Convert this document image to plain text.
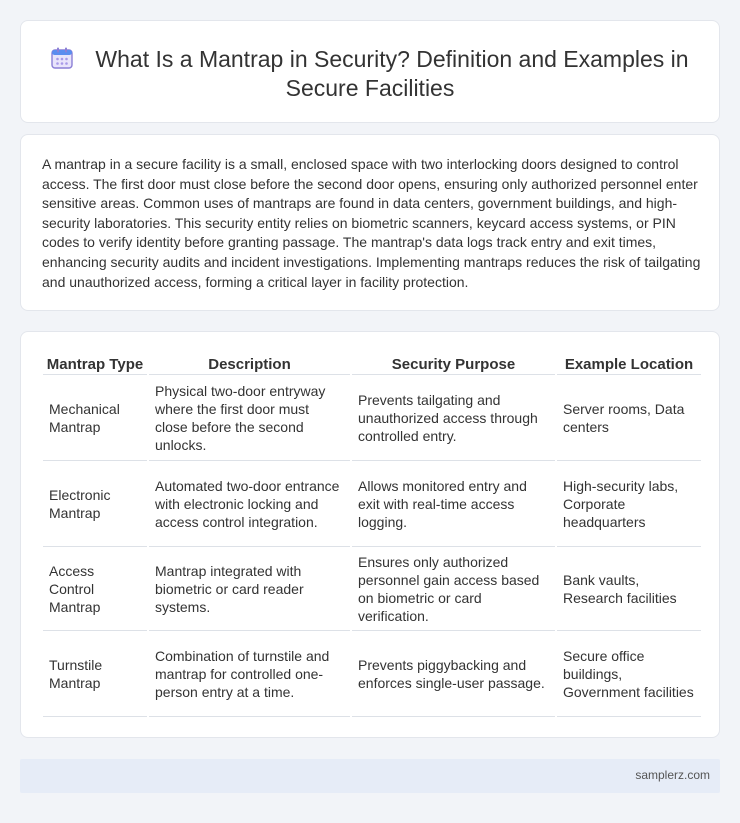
What Is a Mantrap in Security? Definition and Examples in Secure Facilities

A mantrap in a secure facility is a small, enclosed space with two interlocking doors designed to control access. The first door must close before the second door opens, ensuring only authorized personnel enter sensitive areas. Common uses of mantraps are found in data centers, government buildings, and high-security laboratories. This security entity relies on biometric scanners, keycard access systems, or PIN codes to verify identity before granting passage. The mantrap's data logs track entry and exit times, enhancing security audits and incident investigations. Implementing mantraps reduces the risk of tailgating and unauthorized access, forming a critical layer in facility protection.

Mantrap Type	Description	Security Purpose	Example Location
Mechanical Mantrap	Physical two-door entryway where the first door must close before the second unlocks.	Prevents tailgating and unauthorized access through controlled entry.	Server rooms, Data centers
Electronic Mantrap	Automated two-door entrance with electronic locking and access control integration.	Allows monitored entry and exit with real-time access logging.	High-security labs, Corporate headquarters
Access Control Mantrap	Mantrap integrated with biometric or card reader systems.	Ensures only authorized personnel gain access based on biometric or card verification.	Bank vaults, Research facilities
Turnstile Mantrap	Combination of turnstile and mantrap for controlled one-person entry at a time.	Prevents piggybacking and enforces single-user passage.	Secure office buildings, Government facilities
samplerz.com
